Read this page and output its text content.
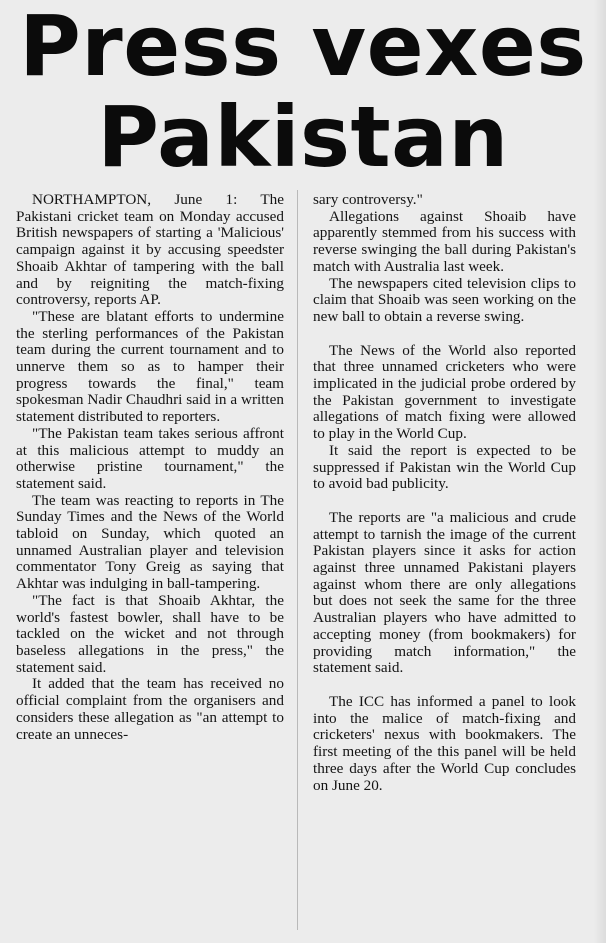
Press vexes
Pakistan

NORTHAMPTON, June 1: The Pakistani cricket team on Monday accused British newspapers of starting a 'Malicious' campaign against it by accusing speedster Shoaib Akhtar of tampering with the ball and by reigniting the match-fixing controversy, reports AP.

"These are blatant efforts to undermine the sterling performances of the Pakistan team during the current tournament and to unnerve them so as to hamper their progress towards the final," team spokesman Nadir Chaudhri said in a written statement distributed to reporters.

"The Pakistan team takes serious affront at this malicious attempt to muddy an otherwise pristine tournament," the statement said.

The team was reacting to reports in The Sunday Times and the News of the World tabloid on Sunday, which quoted an unnamed Australian player and television commentator Tony Greig as saying that Akhtar was indulging in ball-tampering.

"The fact is that Shoaib Akhtar, the world's fastest bowler, shall have to be tackled on the wicket and not through baseless allegations in the press," the statement said.

It added that the team has received no official complaint from the organisers and considers these allegation as "an attempt to create an unneces-

sary controversy."

Allegations against Shoaib have apparently stemmed from his success with reverse swinging the ball during Pakistan's match with Australia last week.

The newspapers cited television clips to claim that Shoaib was seen working on the new ball to obtain a reverse swing.

The News of the World also reported that three unnamed cricketers who were implicated in the judicial probe ordered by the Pakistan government to investigate allegations of match fixing were allowed to play in the World Cup.

It said the report is expected to be suppressed if Pakistan win the World Cup to avoid bad publicity.

The reports are "a malicious and crude attempt to tarnish the image of the current Pakistan players since it asks for action against three unnamed Pakistani players against whom there are only allegations but does not seek the same for the three Australian players who have admitted to accepting money (from bookmakers) for providing match information," the statement said.

The ICC has informed a panel to look into the malice of match-fixing and cricketers' nexus with bookmakers. The first meeting of the this panel will be held three days after the World Cup concludes on June 20.
